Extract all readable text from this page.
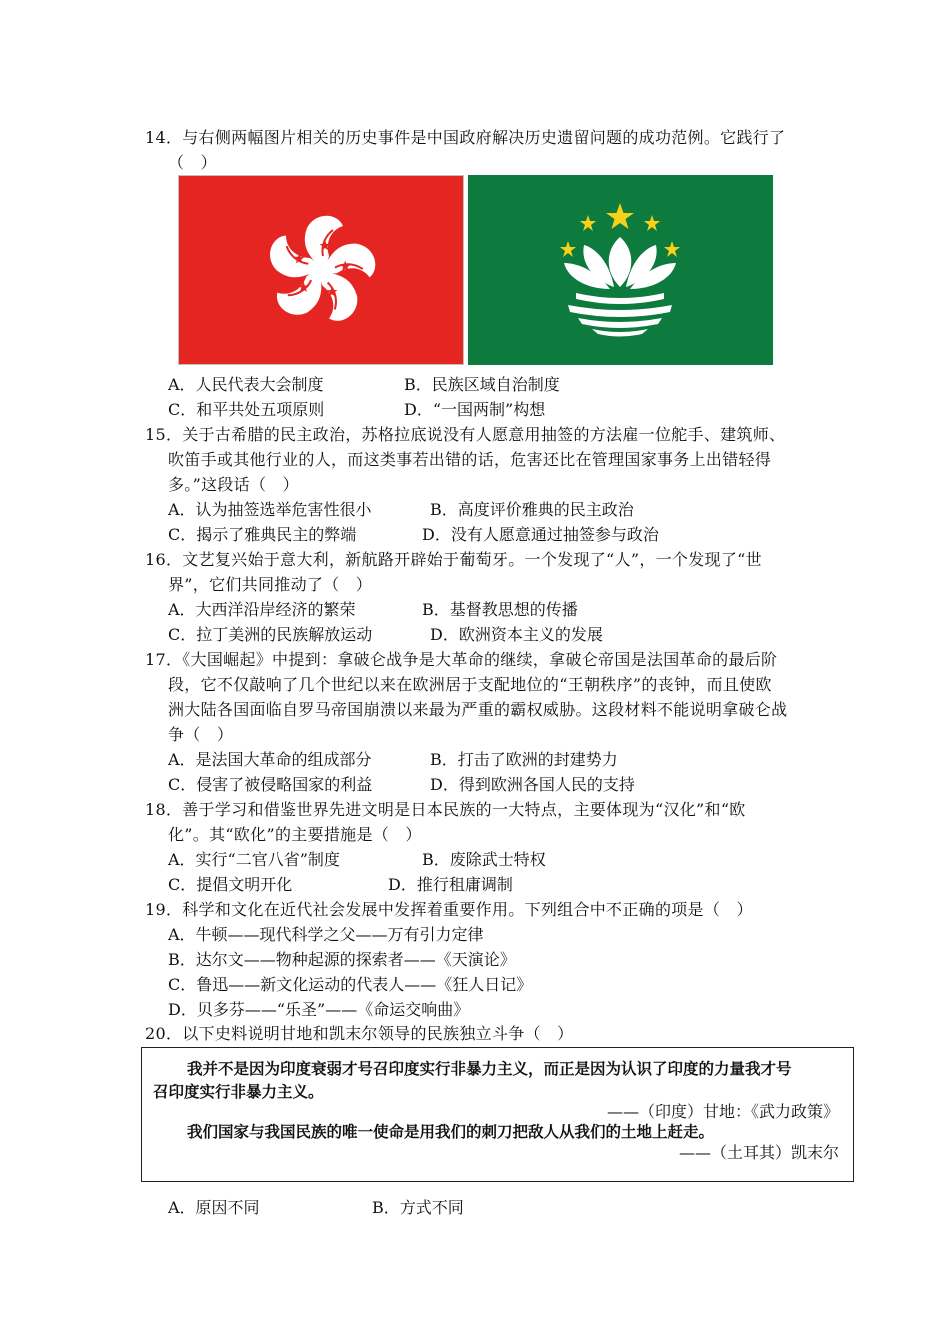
14．与右侧两幅图片相关的历史事件是中国政府解决历史遗留问题的成功范例。它践行了
（　）
A．人民代表大会制度	B．民族区域自治制度
C．和平共处五项原则	D．“一国两制”构想
15．关于古希腊的民主政治，苏格拉底说没有人愿意用抽签的方法雇一位舵手、建筑师、
吹笛手或其他行业的人，而这类事若出错的话，危害还比在管理国家事务上出错轻得
多。”这段话（　）
A．认为抽签选举危害性很小	B．高度评价雅典的民主政治
C．揭示了雅典民主的弊端	D．没有人愿意通过抽签参与政治
16．文艺复兴始于意大利，新航路开辟始于葡萄牙。一个发现了“人”，一个发现了“世
界”，它们共同推动了（　）
A．大西洋沿岸经济的繁荣	B．基督教思想的传播
C．拉丁美洲的民族解放运动	D．欧洲资本主义的发展
17．《大国崛起》中提到：拿破仑战争是大革命的继续，拿破仑帝国是法国革命的最后阶
段，它不仅敲响了几个世纪以来在欧洲居于支配地位的“王朝秩序”的丧钟，而且使欧
洲大陆各国面临自罗马帝国崩溃以来最为严重的霸权威胁。这段材料不能说明拿破仑战
争（　）
A．是法国大革命的组成部分	B．打击了欧洲的封建势力
C．侵害了被侵略国家的利益	D．得到欧洲各国人民的支持
18．善于学习和借鉴世界先进文明是日本民族的一大特点，主要体现为“汉化”和“欧
化”。其“欧化”的主要措施是（　）
A．实行“二官八省”制度	B．废除武士特权
C．提倡文明开化	D．推行租庸调制
19．科学和文化在近代社会发展中发挥着重要作用。下列组合中不正确的项是（　）
A．牛顿——现代科学之父——万有引力定律
B．达尔文——物种起源的探索者——《天演论》
C．鲁迅——新文化运动的代表人——《狂人日记》
D．贝多芬——“乐圣”——《命运交响曲》
20．以下史料说明甘地和凯末尔领导的民族独立斗争（　）
我并不是因为印度衰弱才号召印度实行非暴力主义，而正是因为认识了印度的力量我才号
召印度实行非暴力主义。
——（印度）甘地：《武力政策》
我们国家与我国民族的唯一使命是用我们的刺刀把敌人从我们的土地上赶走。
——（土耳其）凯末尔
A．原因不同	B．方式不同
